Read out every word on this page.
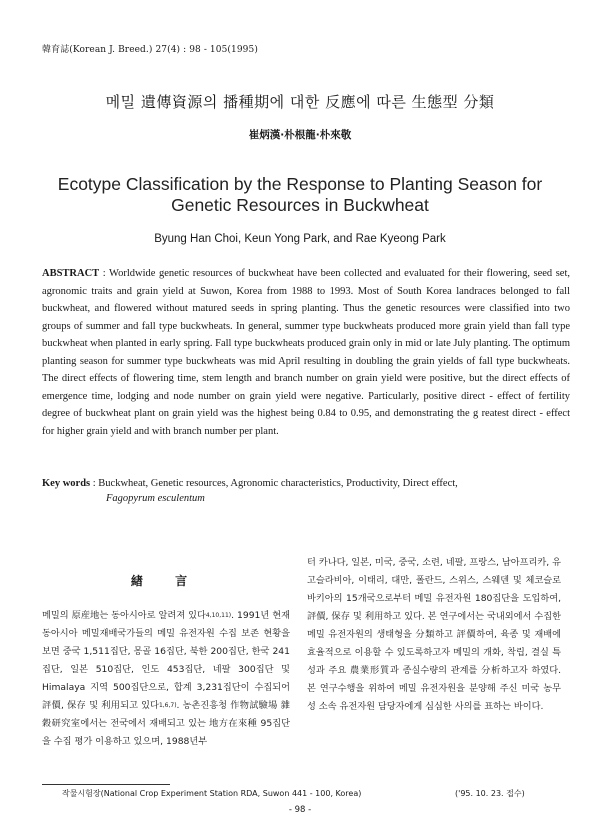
韓育誌(Korean J. Breed.) 27(4) : 98 - 105(1995)
메밀 遺傳資源의 播種期에 대한 反應에 따른 生態型 分類
崔炳漢·朴根龍·朴來敬
Ecotype Classification by the Response to Planting Season for
Genetic Resources in Buckwheat
Byung Han Choi, Keun Yong Park, and Rae Kyeong Park
ABSTRACT : Worldwide genetic resources of buckwheat have been collected and evaluated for their flowering, seed set, agronomic traits and grain yield at Suwon, Korea from 1988 to 1993. Most of South Korea landraces belonged to fall buckwheat, and flowered without matured seeds in spring planting. Thus the genetic resources were classified into two groups of summer and fall type buckwheats. In general, summer type buckwheats produced more grain yield than fall type buckwheat when planted in early spring. Fall type buckwheats produced grain only in mid or late July planting. The optimum planting season for summer type buckwheats was mid April resulting in doubling the grain yields of fall type buckwheats. The direct effects of flowering time, stem length and branch number on grain yield were positive, but the direct effects of emergence time, lodging and node number on grain yield were negative. Particularly, positive direct - effect of fertility degree of buckwheat plant on grain yield was the highest being 0.84 to 0.95, and demonstrating the g reatest direct - effect for higher grain yield and with branch number per plant.
Key words : Buckwheat, Genetic resources, Agronomic characteristics, Productivity, Direct effect,
Fagopyrum esculentum
緖 言
메밀의 原産地는 동아시아로 알려져 있다$^{4,10,11)}$. 1991년 현재 동아시아 메밀재배국가들의 메밀 유전자원 수집 보존 현황을 보면 중국 1,511집단, 몽골 16집단, 북한 200집단, 한국 241집단, 일본 510집단, 인도 453집단, 네팔 300집단 및 Himalaya 지역 500집단으로, 합계 3,231집단이 수집되어 評價, 保存 및 利用되고 있다$^{1,6,7)}$. 농촌진흥청 作物試驗場 雜穀研究室에서는 전국에서 재배되고 있는 地方在來種 95집단을 수집 평가 이용하고 있으며, 1988년부
터 카나다, 일본, 미국, 중국, 소련, 네팔, 프랑스, 남아프리카, 유고슬라비아, 이태리, 대만, 폴란드, 스위스, 스웨덴 및 체코슬로바키아의 15개국으로부터 메밀 유전자원 180집단을 도입하여, 評價, 保存 및 利用하고 있다. 본 연구에서는 국내외에서 수집한 메밀 유전자원의 생태형을 分類하고 評價하여, 육종 및 재배에 효율적으로 이용할 수 있도록하고자 메밀의 개화, 착립, 결실 특성과 주요 農業形質과 종실수량의 관계를 分析하고자 하였다. 본 연구수행을 위하여 메밀 유전자원을 분양해 주신 미국 농무성 소속 유전자원 담당자에게 심심한 사의를 표하는 바이다.
작물시험장(National Crop Experiment Station RDA, Suwon 441 - 100, Korea)	('95. 10. 23. 접수)
- 98 -
